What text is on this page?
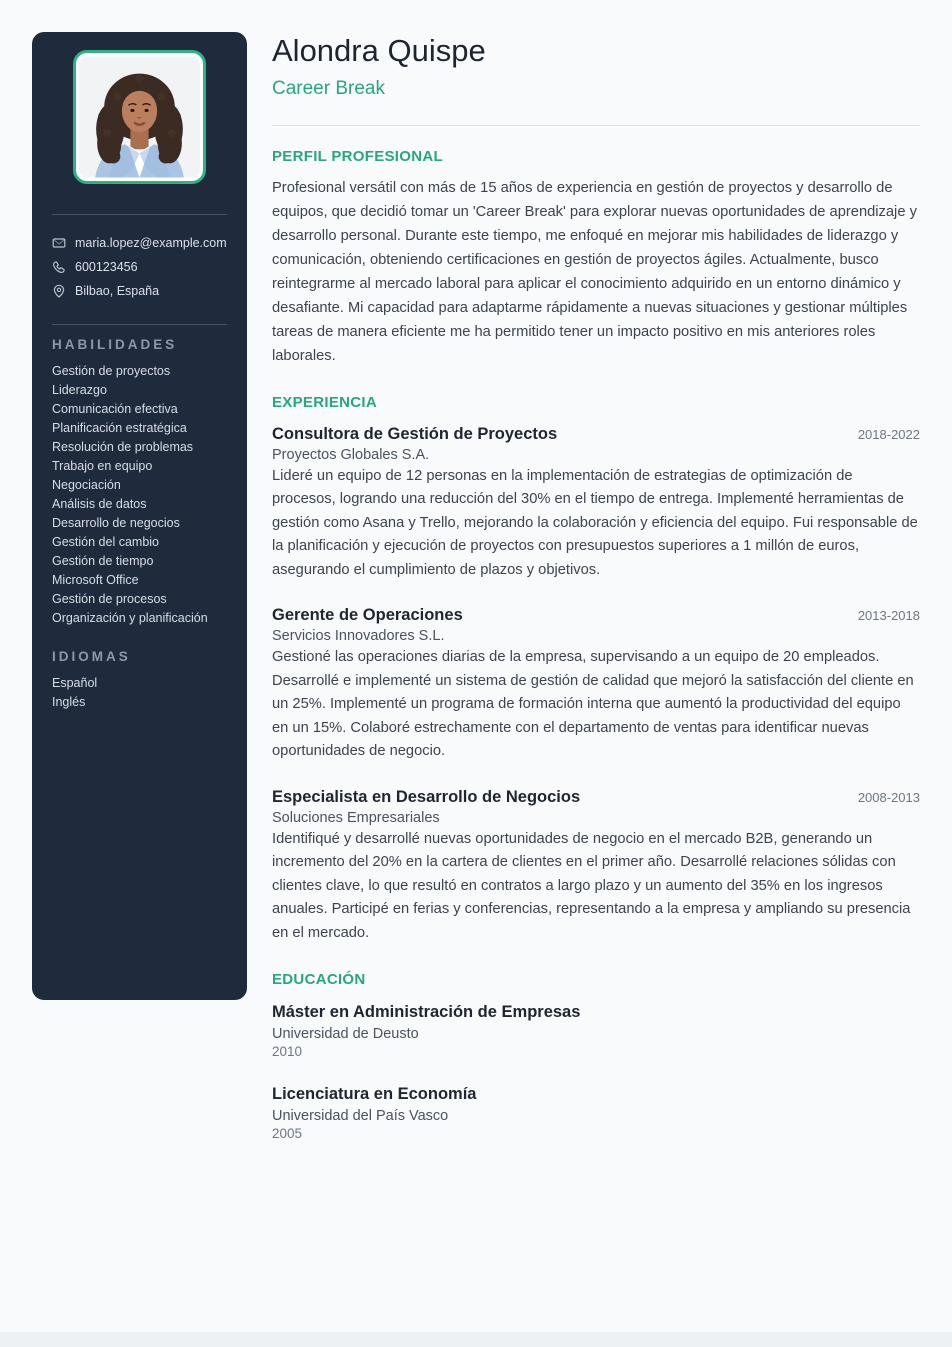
maria.lopez@example.com
600123456
Bilbao, España
HABILIDADES
Gestión de proyectos
Liderazgo
Comunicación efectiva
Planificación estratégica
Resolución de problemas
Trabajo en equipo
Negociación
Análisis de datos
Desarrollo de negocios
Gestión del cambio
Gestión de tiempo
Microsoft Office
Gestión de procesos
Organización y planificación
IDIOMAS
Español
Inglés
Alondra Quispe
Career Break
PERFIL PROFESIONAL

Profesional versátil con más de 15 años de experiencia en gestión de proyectos y desarrollo de equipos, que decidió tomar un 'Career Break' para explorar nuevas oportunidades de aprendizaje y desarrollo personal. Durante este tiempo, me enfoqué en mejorar mis habilidades de liderazgo y comunicación, obteniendo certificaciones en gestión de proyectos ágiles. Actualmente, busco reintegrarme al mercado laboral para aplicar el conocimiento adquirido en un entorno dinámico y desafiante. Mi capacidad para adaptarme rápidamente a nuevas situaciones y gestionar múltiples tareas de manera eficiente me ha permitido tener un impacto positivo en mis anteriores roles laborales.

EXPERIENCIA
Consultora de Gestión de Proyectos	2018-2022
Proyectos Globales S.A.

Lideré un equipo de 12 personas en la implementación de estrategias de optimización de procesos, logrando una reducción del 30% en el tiempo de entrega. Implementé herramientas de gestión como Asana y Trello, mejorando la colaboración y eficiencia del equipo. Fui responsable de la planificación y ejecución de proyectos con presupuestos superiores a 1 millón de euros, asegurando el cumplimiento de plazos y objetivos.

Gerente de Operaciones	2013-2018
Servicios Innovadores S.L.

Gestioné las operaciones diarias de la empresa, supervisando a un equipo de 20 empleados. Desarrollé e implementé un sistema de gestión de calidad que mejoró la satisfacción del cliente en un 25%. Implementé un programa de formación interna que aumentó la productividad del equipo en un 15%. Colaboré estrechamente con el departamento de ventas para identificar nuevas oportunidades de negocio.

Especialista en Desarrollo de Negocios	2008-2013
Soluciones Empresariales

Identifiqué y desarrollé nuevas oportunidades de negocio en el mercado B2B, generando un incremento del 20% en la cartera de clientes en el primer año. Desarrollé relaciones sólidas con clientes clave, lo que resultó en contratos a largo plazo y un aumento del 35% en los ingresos anuales. Participé en ferias y conferencias, representando a la empresa y ampliando su presencia en el mercado.

EDUCACIÓN
Máster en Administración de Empresas
Universidad de Deusto
2010
Licenciatura en Economía
Universidad del País Vasco
2005
